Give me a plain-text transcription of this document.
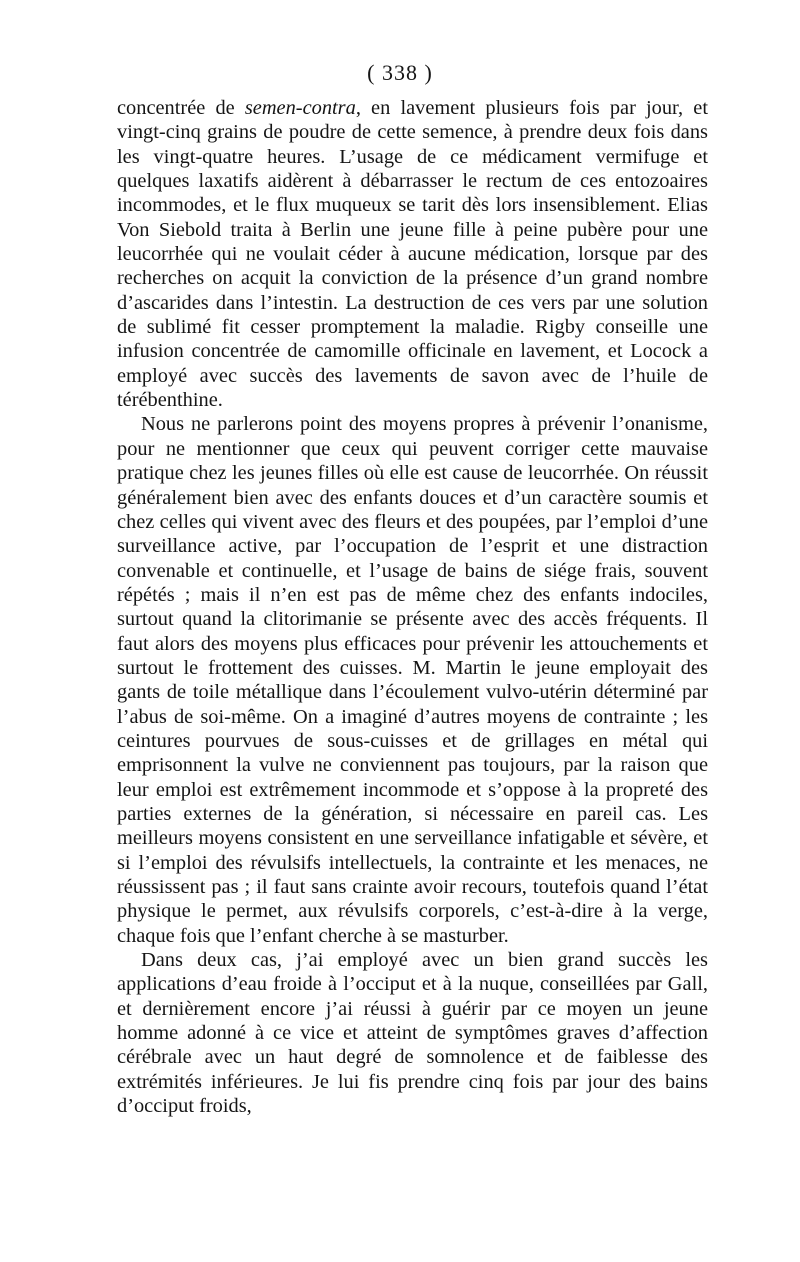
( 338 )

concentrée de semen-contra, en lavement plusieurs fois par jour, et vingt-cinq grains de poudre de cette semence, à prendre deux fois dans les vingt-quatre heures. L’usage de ce médicament vermifuge et quelques laxatifs aidèrent à débarrasser le rectum de ces entozoaires incommodes, et le flux muqueux se tarit dès lors insensiblement. Elias Von Siebold traita à Berlin une jeune fille à peine pubère pour une leucorrhée qui ne voulait céder à aucune médication, lorsque par des recherches on acquit la conviction de la présence d’un grand nombre d’ascarides dans l’intestin. La destruction de ces vers par une solution de sublimé fit cesser promptement la maladie. Rigby conseille une infusion concentrée de camomille officinale en lavement, et Locock a employé avec succès des lavements de savon avec de l’huile de térébenthine.

Nous ne parlerons point des moyens propres à prévenir l’onanisme, pour ne mentionner que ceux qui peuvent corriger cette mauvaise pratique chez les jeunes filles où elle est cause de leucorrhée. On réussit généralement bien avec des enfants douces et d’un caractère soumis et chez celles qui vivent avec des fleurs et des poupées, par l’emploi d’une surveillance active, par l’occupation de l’esprit et une distraction convenable et continuelle, et l’usage de bains de siége frais, souvent répétés ; mais il n’en est pas de même chez des enfants indociles, surtout quand la clitorimanie se présente avec des accès fréquents. Il faut alors des moyens plus efficaces pour prévenir les attouchements et surtout le frottement des cuisses. M. Martin le jeune employait des gants de toile métallique dans l’écoulement vulvo-utérin déterminé par l’abus de soi-même. On a imaginé d’autres moyens de contrainte ; les ceintures pourvues de sous-cuisses et de grillages en métal qui emprisonnent la vulve ne conviennent pas toujours, par la raison que leur emploi est extrêmement incommode et s’oppose à la propreté des parties externes de la génération, si nécessaire en pareil cas. Les meilleurs moyens consistent en une serveillance infatigable et sévère, et si l’emploi des révulsifs intellectuels, la contrainte et les menaces, ne réussissent pas ; il faut sans crainte avoir recours, toutefois quand l’état physique le permet, aux révulsifs corporels, c’est-à-dire à la verge, chaque fois que l’enfant cherche à se masturber.

Dans deux cas, j’ai employé avec un bien grand succès les applications d’eau froide à l’occiput et à la nuque, conseillées par Gall, et dernièrement encore j’ai réussi à guérir par ce moyen un jeune homme adonné à ce vice et atteint de symptômes graves d’affection cérébrale avec un haut degré de somnolence et de faiblesse des extrémités inférieures. Je lui fis prendre cinq fois par jour des bains d’occiput froids,
